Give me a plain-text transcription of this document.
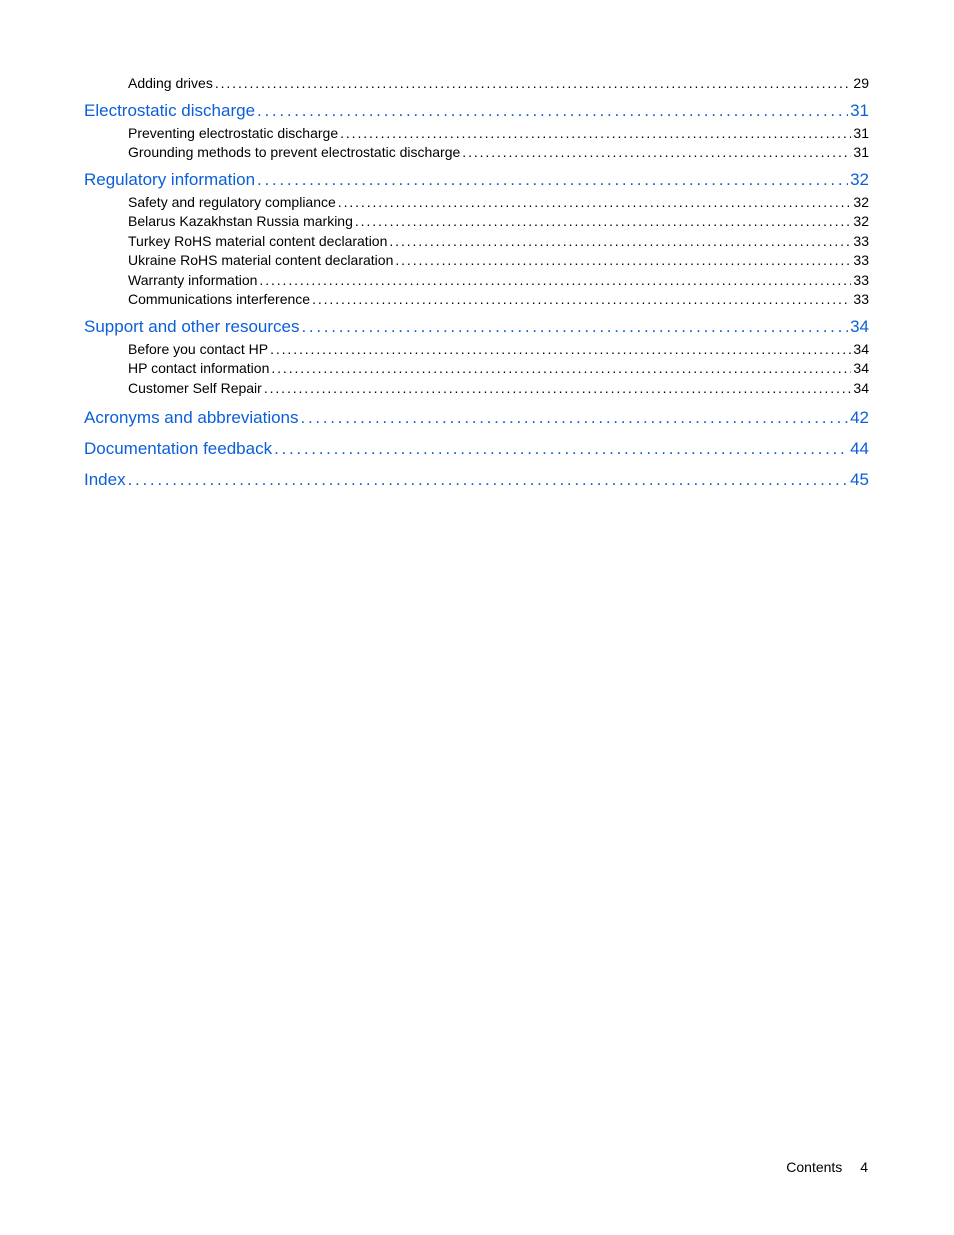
Adding drives . . .	29
Electrostatic discharge . . .	31
Preventing electrostatic discharge . . .	31
Grounding methods to prevent electrostatic discharge . . .	31
Regulatory information . . .	32
Safety and regulatory compliance . . .	32
Belarus Kazakhstan Russia marking . . .	32
Turkey RoHS material content declaration . . .	33
Ukraine RoHS material content declaration . . .	33
Warranty information . . .	33
Communications interference . . .	33
Support and other resources . . .	34
Before you contact HP . . .	34
HP contact information . . .	34
Customer Self Repair . . .	34
Acronyms and abbreviations . . .	42
Documentation feedback . . .	44
Index . . .	45
Contents 4
